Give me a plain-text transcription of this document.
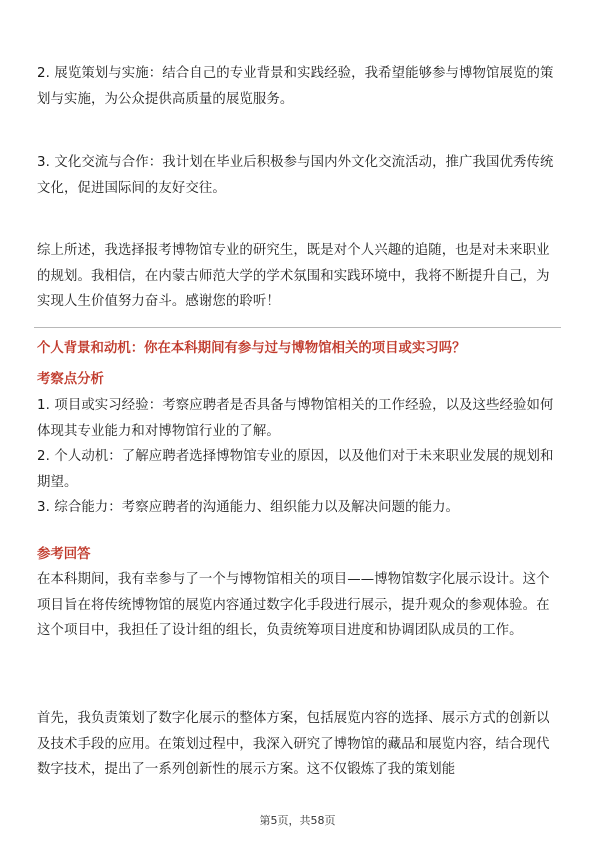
2. 展览策划与实施：结合自己的专业背景和实践经验，我希望能够参与博物馆展览的策划与实施，为公众提供高质量的展览服务。

3. 文化交流与合作：我计划在毕业后积极参与国内外文化交流活动，推广我国优秀传统文化，促进国际间的友好交往。

综上所述，我选择报考博物馆专业的研究生，既是对个人兴趣的追随，也是对未来职业的规划。我相信，在内蒙古师范大学的学术氛围和实践环境中，我将不断提升自己，为实现人生价值努力奋斗。感谢您的聆听！

个人背景和动机：你在本科期间有参与过与博物馆相关的项目或实习吗？
考察点分析

1. 项目或实习经验：考察应聘者是否具备与博物馆相关的工作经验，以及这些经验如何体现其专业能力和对博物馆行业的了解。

2. 个人动机：了解应聘者选择博物馆专业的原因，以及他们对于未来职业发展的规划和期望。

3. 综合能力：考察应聘者的沟通能力、组织能力以及解决问题的能力。

参考回答

在本科期间，我有幸参与了一个与博物馆相关的项目——博物馆数字化展示设计。这个项目旨在将传统博物馆的展览内容通过数字化手段进行展示，提升观众的参观体验。在这个项目中，我担任了设计组的组长，负责统筹项目进度和协调团队成员的工作。

首先，我负责策划了数字化展示的整体方案，包括展览内容的选择、展示方式的创新以及技术手段的应用。在策划过程中，我深入研究了博物馆的藏品和展览内容，结合现代数字技术，提出了一系列创新性的展示方案。这不仅锻炼了我的策划能

第5页，共58页
